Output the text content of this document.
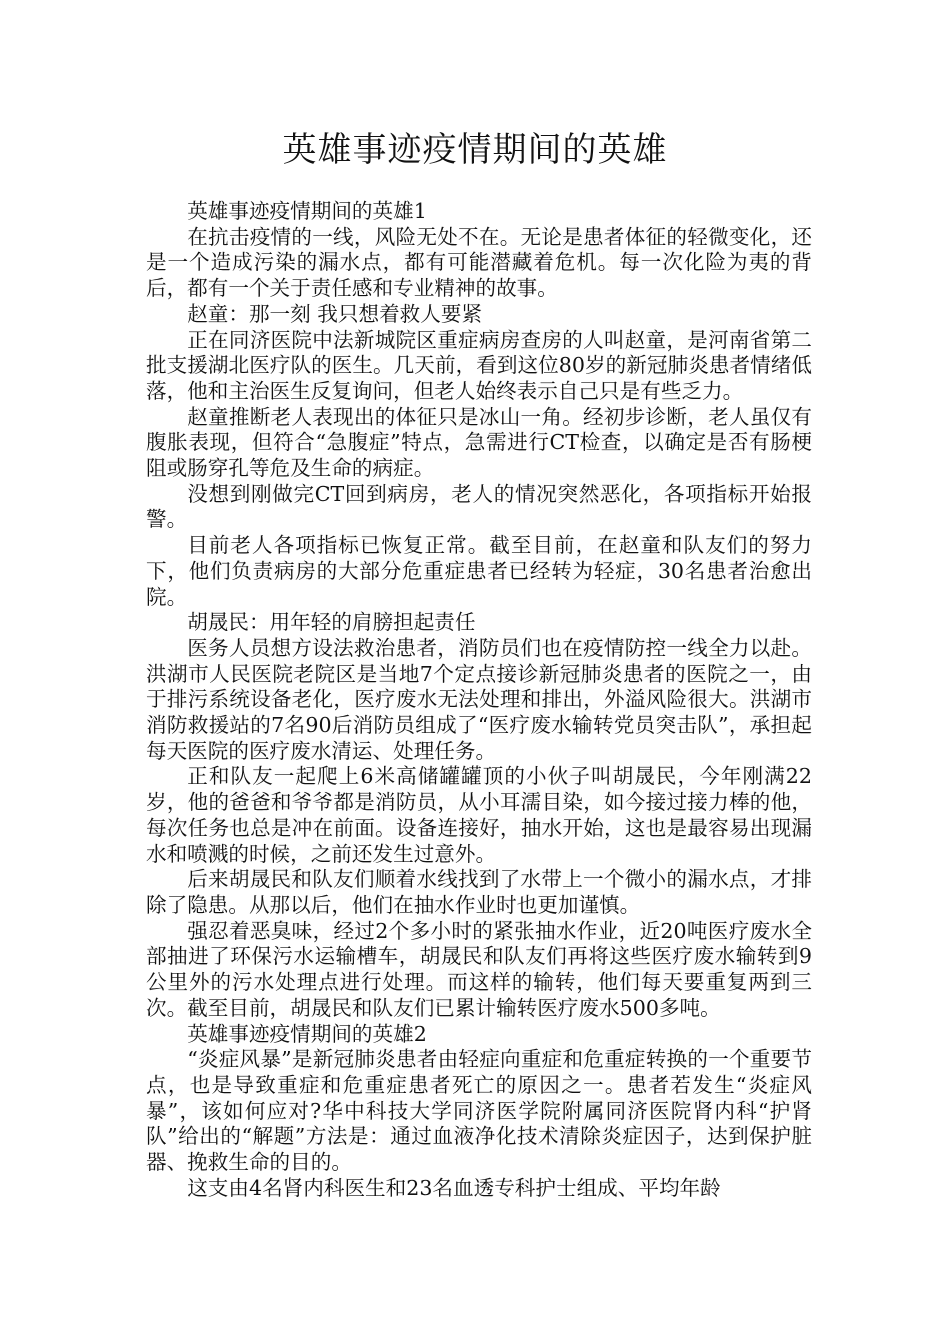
英雄事迹疫情期间的英雄

英雄事迹疫情期间的英雄1

在抗击疫情的一线，风险无处不在。无论是患者体征的轻微变化，还是一个造成污染的漏水点，都有可能潜藏着危机。每一次化险为夷的背后，都有一个关于责任感和专业精神的故事。

赵童：那一刻 我只想着救人要紧

正在同济医院中法新城院区重症病房查房的人叫赵童，是河南省第二批支援湖北医疗队的医生。几天前，看到这位80岁的新冠肺炎患者情绪低落，他和主治医生反复询问，但老人始终表示自己只是有些乏力。

赵童推断老人表现出的体征只是冰山一角。经初步诊断，老人虽仅有腹胀表现，但符合“急腹症”特点，急需进行CT检查，以确定是否有肠梗阻或肠穿孔等危及生命的病症。

没想到刚做完CT回到病房，老人的情况突然恶化，各项指标开始报警。

目前老人各项指标已恢复正常。截至目前，在赵童和队友们的努力下，他们负责病房的大部分危重症患者已经转为轻症，30名患者治愈出院。

胡晟民：用年轻的肩膀担起责任

医务人员想方设法救治患者，消防员们也在疫情防控一线全力以赴。洪湖市人民医院老院区是当地7个定点接诊新冠肺炎患者的医院之一，由于排污系统设备老化，医疗废水无法处理和排出，外溢风险很大。洪湖市消防救援站的7名90后消防员组成了“医疗废水输转党员突击队”，承担起每天医院的医疗废水清运、处理任务。

正和队友一起爬上6米高储罐罐顶的小伙子叫胡晟民，今年刚满22岁，他的爸爸和爷爷都是消防员，从小耳濡目染，如今接过接力棒的他，每次任务也总是冲在前面。设备连接好，抽水开始，这也是最容易出现漏水和喷溅的时候，之前还发生过意外。

后来胡晟民和队友们顺着水线找到了水带上一个微小的漏水点，才排除了隐患。从那以后，他们在抽水作业时也更加谨慎。

强忍着恶臭味，经过2个多小时的紧张抽水作业，近20吨医疗废水全部抽进了环保污水运输槽车，胡晟民和队友们再将这些医疗废水输转到9公里外的污水处理点进行处理。而这样的输转，他们每天要重复两到三次。截至目前，胡晟民和队友们已累计输转医疗废水500多吨。

英雄事迹疫情期间的英雄2

“炎症风暴”是新冠肺炎患者由轻症向重症和危重症转换的一个重要节点，也是导致重症和危重症患者死亡的原因之一。患者若发生“炎症风暴”，该如何应对?华中科技大学同济医学院附属同济医院肾内科“护肾队”给出的“解题”方法是：通过血液净化技术清除炎症因子，达到保护脏器、挽救生命的目的。

这支由4名肾内科医生和23名血透专科护士组成、平均年龄
